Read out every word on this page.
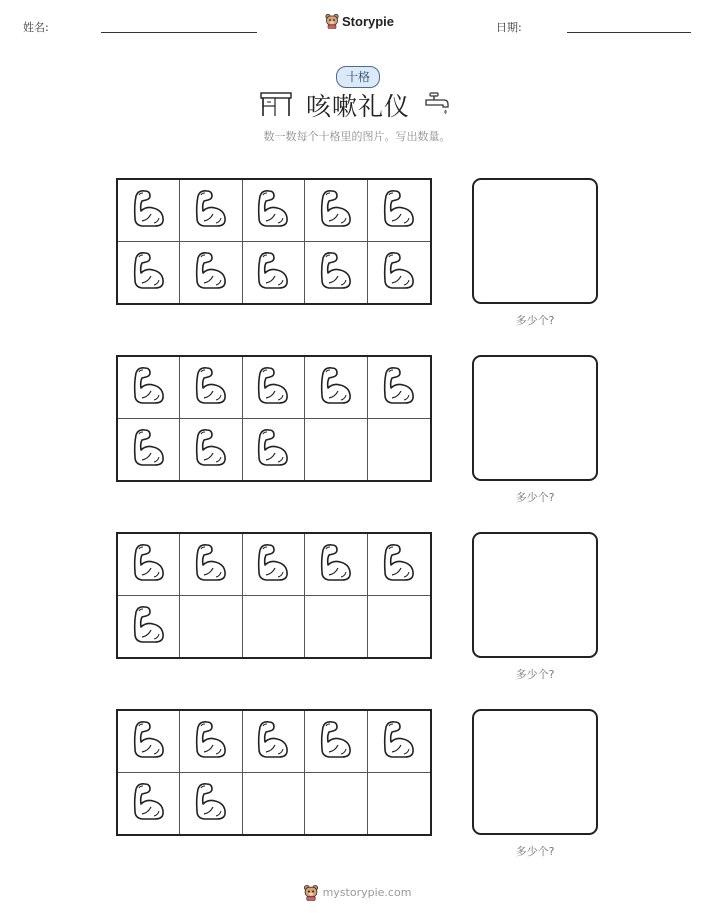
姓名:	Storypie	日期:
十格
咳嗽礼仪
数一数每个十格里的图片。写出数量。
多少个?
多少个?
多少个?
多少个?
mystorypie.com
